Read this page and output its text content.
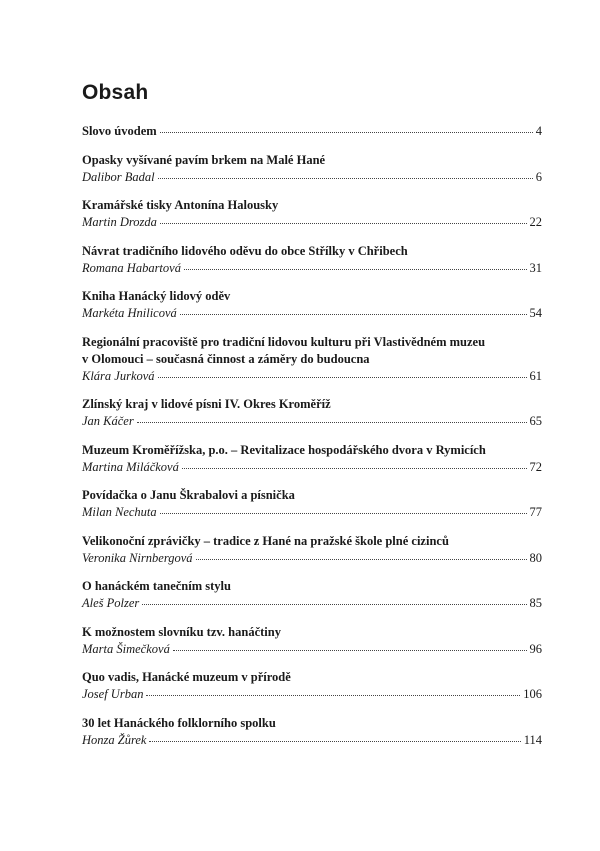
Obsah
Slovo úvodem	4
Opasky vyšívané pavím brkem na Malé Hané
Dalibor Badal	6
Kramářské tisky Antonína Halousky
Martin Drozda	22
Návrat tradičního lidového oděvu do obce Střílky v Chřibech
Romana Habartová	31
Kniha Hanácký lidový oděv
Markéta Hnilicová	54
Regionální pracoviště pro tradiční lidovou kulturu při Vlastivědném muzeu
v Olomouci – současná činnost a záměry do budoucna
Klára Jurková	61
Zlínský kraj v lidové písni IV. Okres Kroměříž
Jan Káčer	65
Muzeum Kroměřížska, p.o. – Revitalizace hospodářského dvora v Rymicích
Martina Miláčková	72
Povídačka o Janu Škrabalovi a písnička
Milan Nechuta	77
Velikonoční zprávičky – tradice z Hané na pražské škole plné cizinců
Veronika Nirnbergová	80
O hanáckém tanečním stylu
Aleš Polzer	85
K možnostem slovníku tzv. hanáčtiny
Marta Šimečková	96
Quo vadis, Hanácké muzeum v přírodě
Josef Urban	106
30 let Hanáckého folklorního spolku
Honza Žůrek	114
